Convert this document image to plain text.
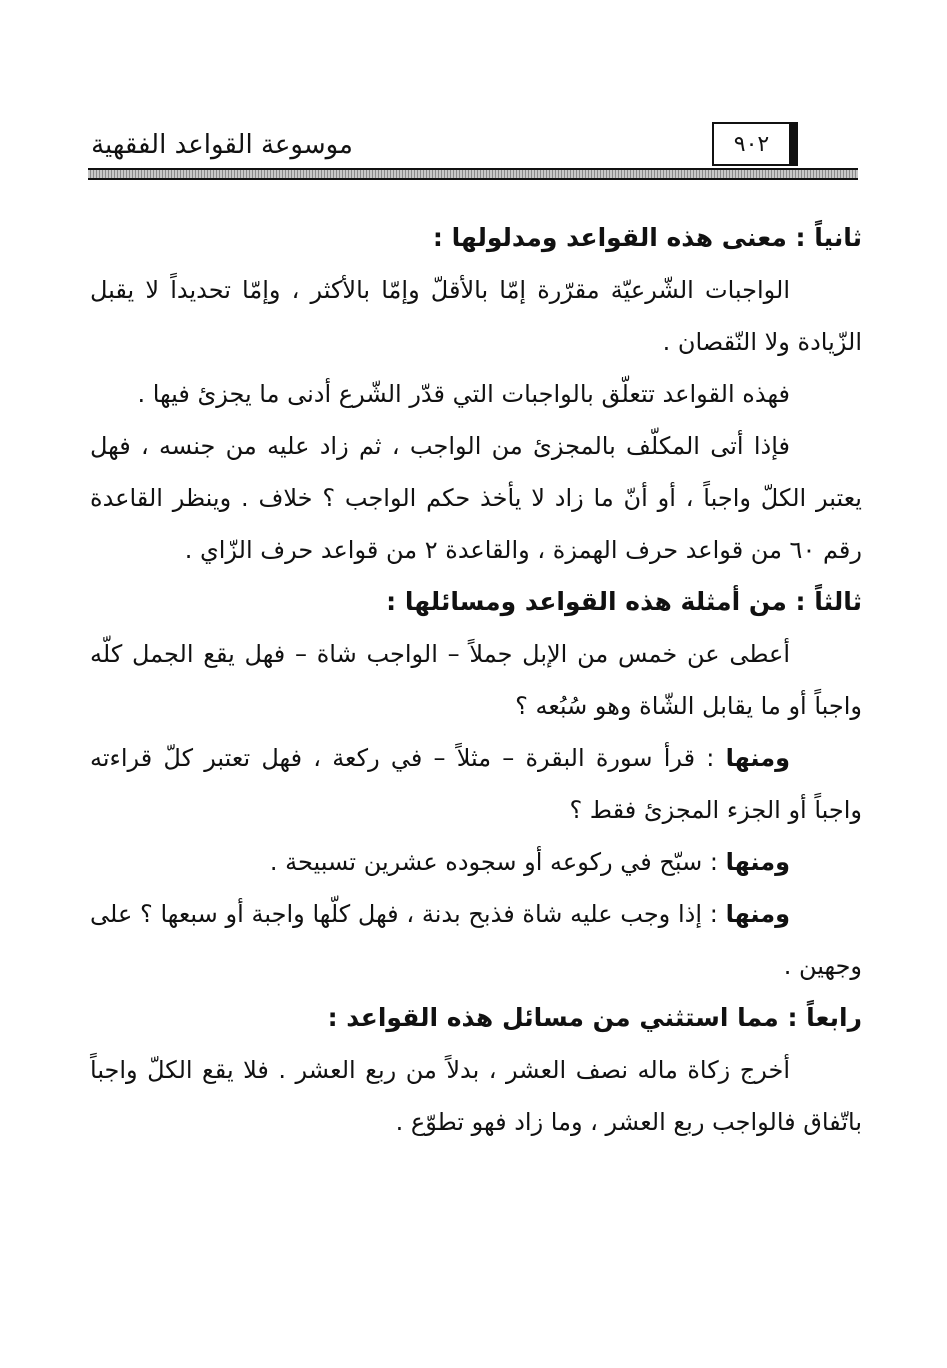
موسوعة القواعد الفقهية	٩٠٢
ثانياً : معنى هذه القواعد ومدلولها :

الواجبات الشّرعيّة مقرّرة إمّا بالأقلّ وإمّا بالأكثر ، وإمّا تحديداً لا يقبل الزّيادة ولا النّقصان .

فهذه القواعد تتعلّق بالواجبات التي قدّر الشّرع أدنى ما يجزئ فيها .

فإذا أتى المكلّف بالمجزئ من الواجب ، ثم زاد عليه من جنسه ، فهل يعتبر الكلّ واجباً ، أو أنّ ما زاد لا يأخذ حكم الواجب ؟ خلاف . وينظر القاعدة رقم ٦٠ من قواعد حرف الهمزة ، والقاعدة ٢ من قواعد حرف الزّاي .

ثالثاً : من أمثلة هذه القواعد ومسائلها :

أعطى عن خمس من الإبل جملاً – الواجب شاة – فهل يقع الجمل كلّه واجباً أو ما يقابل الشّاة وهو سُبُعه ؟

ومنها : قرأ سورة البقرة – مثلاً – في ركعة ، فهل تعتبر كلّ قراءته واجباً أو الجزء المجزئ فقط ؟

ومنها : سبّح في ركوعه أو سجوده عشرين تسبيحة .

ومنها : إذا وجب عليه شاة فذبح بدنة ، فهل كلّها واجبة أو سبعها ؟ على وجهين .

رابعاً : مما استثني من مسائل هذه القواعد :

أخرج زكاة ماله نصف العشر ، بدلاً من ربع العشر . فلا يقع الكلّ واجباً باتّفاق فالواجب ربع العشر ، وما زاد فهو تطوّع .
